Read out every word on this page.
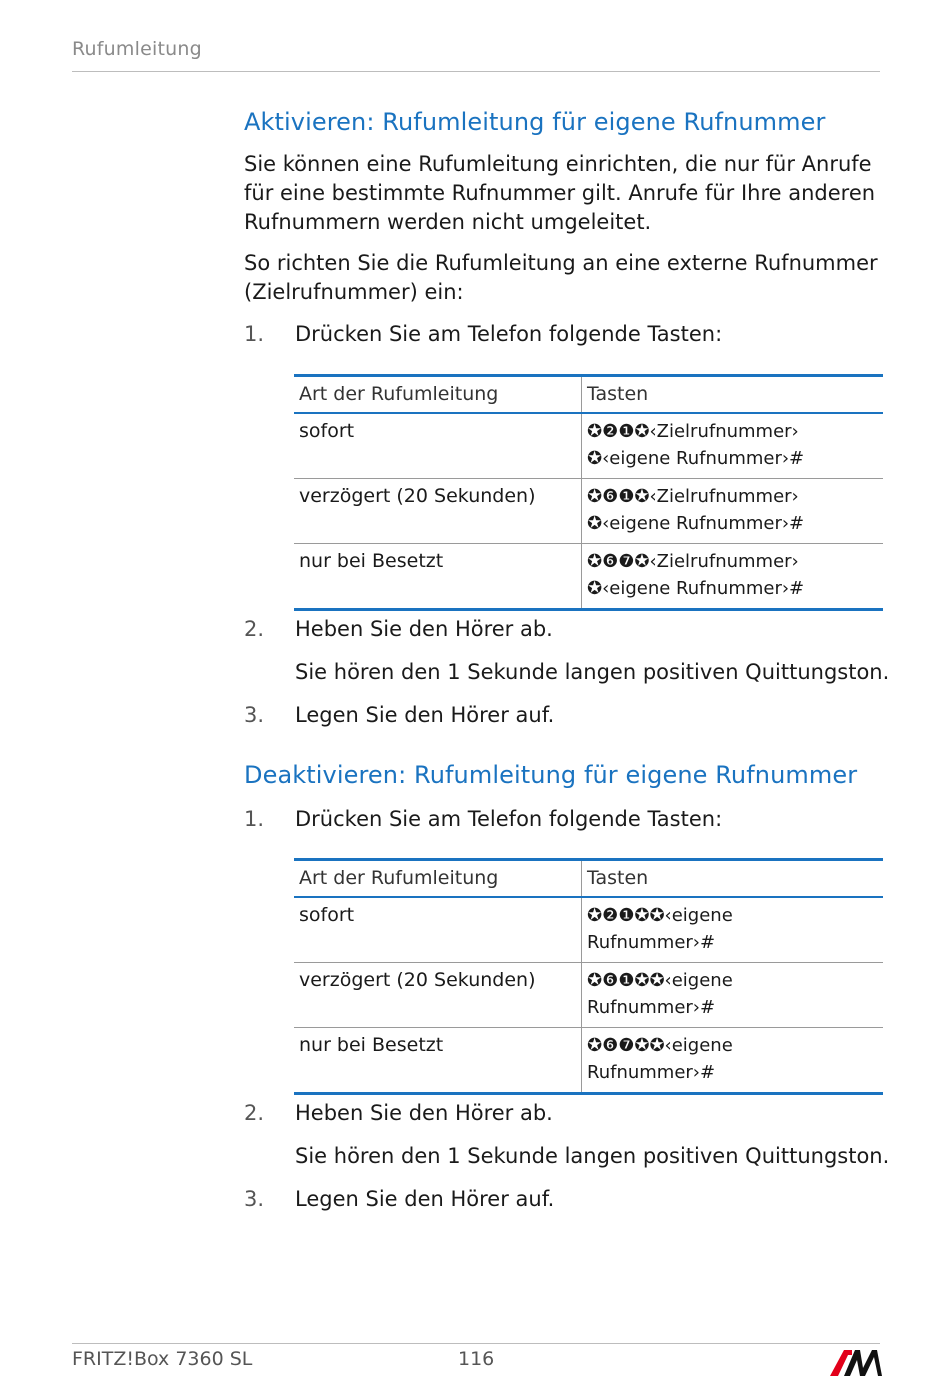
Rufumleitung
Aktivieren: Rufumleitung für eigene Rufnummer

Sie können eine Rufumleitung einrichten, die nur für Anrufe für eine bestimmte Rufnummer gilt. Anrufe für Ihre anderen Rufnummern werden nicht umgeleitet.

So richten Sie die Rufumleitung an eine externe Rufnummer (Zielrufnummer) ein:

1. Drücken Sie am Telefon folgende Tasten:
Art der Rufumleitung	Tasten
sofort	✪❷❶✪‹Zielrufnummer›
✪‹eigene Rufnummer›#
verzögert (20 Sekunden)	✪❻❶✪‹Zielrufnummer›
✪‹eigene Rufnummer›#
nur bei Besetzt	✪❻❼✪‹Zielrufnummer›
✪‹eigene Rufnummer›#
2. Heben Sie den Hörer ab.
Sie hören den 1 Sekunde langen positiven Quittungston.
3. Legen Sie den Hörer auf.
Deaktivieren: Rufumleitung für eigene Rufnummer
1. Drücken Sie am Telefon folgende Tasten:
Art der Rufumleitung	Tasten
sofort	✪❷❶✪✪‹eigene
Rufnummer›#
verzögert (20 Sekunden)	✪❻❶✪✪‹eigene
Rufnummer›#
nur bei Besetzt	✪❻❼✪✪‹eigene
Rufnummer›#
2. Heben Sie den Hörer ab.
Sie hören den 1 Sekunde langen positiven Quittungston.
3. Legen Sie den Hörer auf.
FRITZ!Box 7360 SL	116
